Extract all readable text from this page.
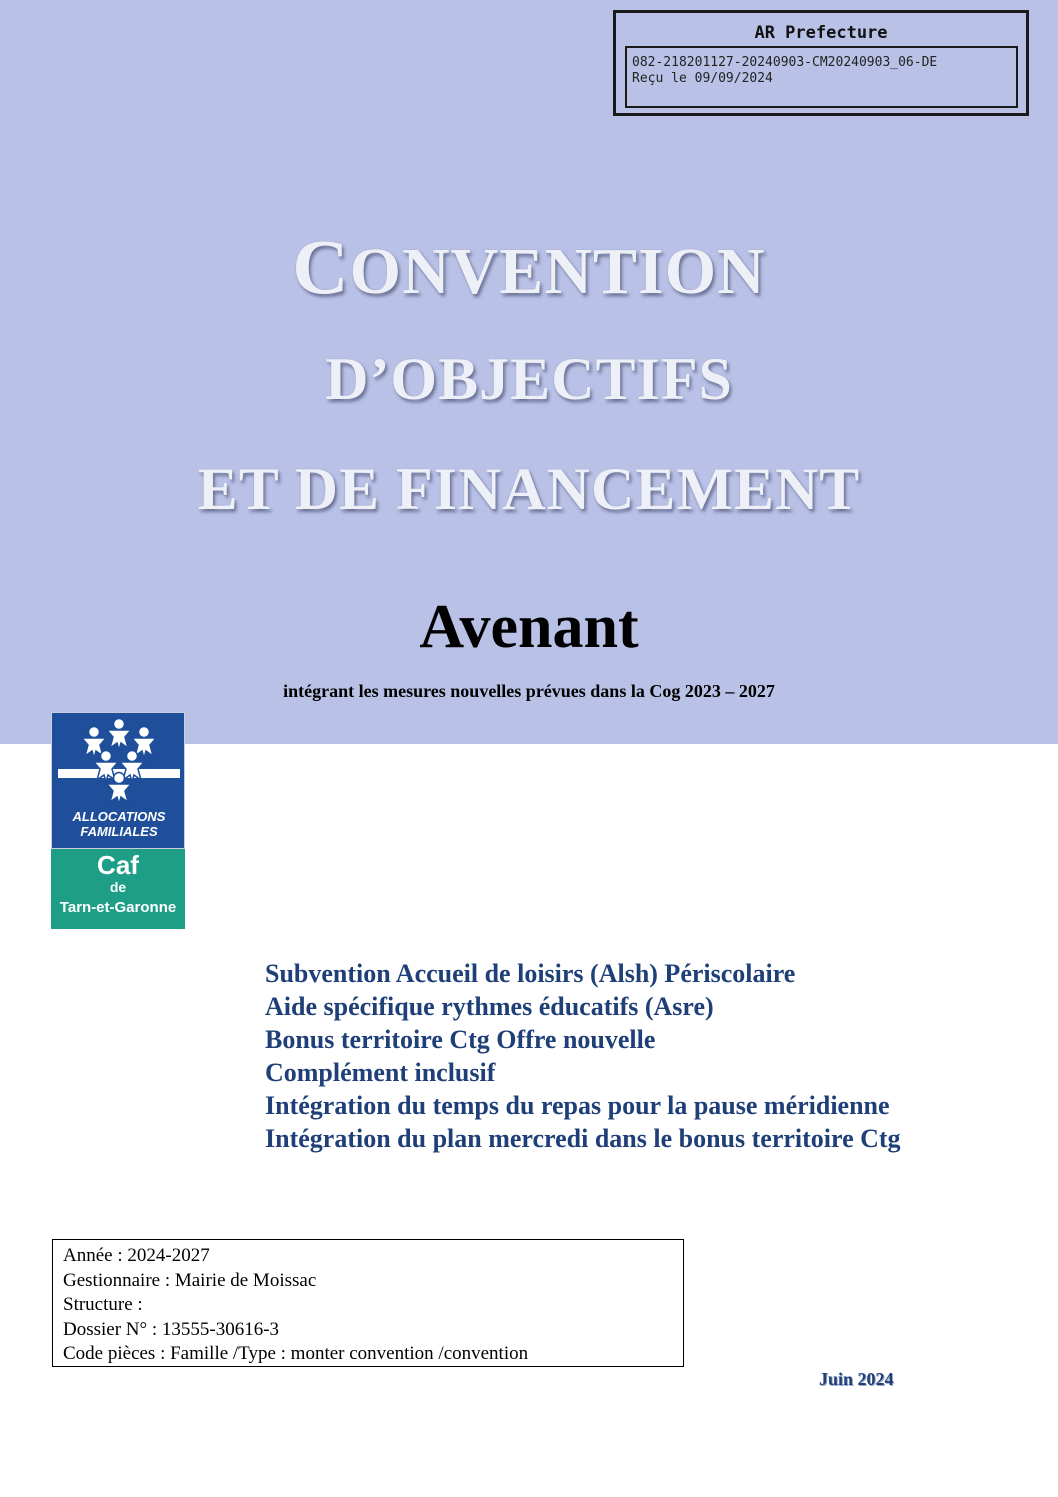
AR Prefecture
082-218201127-20240903-CM20240903_06-DE
Reçu le 09/09/2024
CONVENTION
D’OBJECTIFS
ET DE FINANCEMENT
Avenant
intégrant les mesures nouvelles prévues dans la Cog 2023 – 2027
ALLOCATIONS FAMILIALES
Caf
de
Tarn-et-Garonne
Subvention Accueil de loisirs (Alsh) Périscolaire
Aide spécifique rythmes éducatifs (Asre)
Bonus territoire Ctg Offre nouvelle
Complément inclusif
Intégration du temps du repas pour la pause méridienne
Intégration du plan mercredi dans le bonus territoire Ctg
Année : 2024-2027
Gestionnaire : Mairie de Moissac
Structure :
Dossier N° : 13555-30616-3
Code pièces : Famille /Type : monter convention /convention
Juin 2024
